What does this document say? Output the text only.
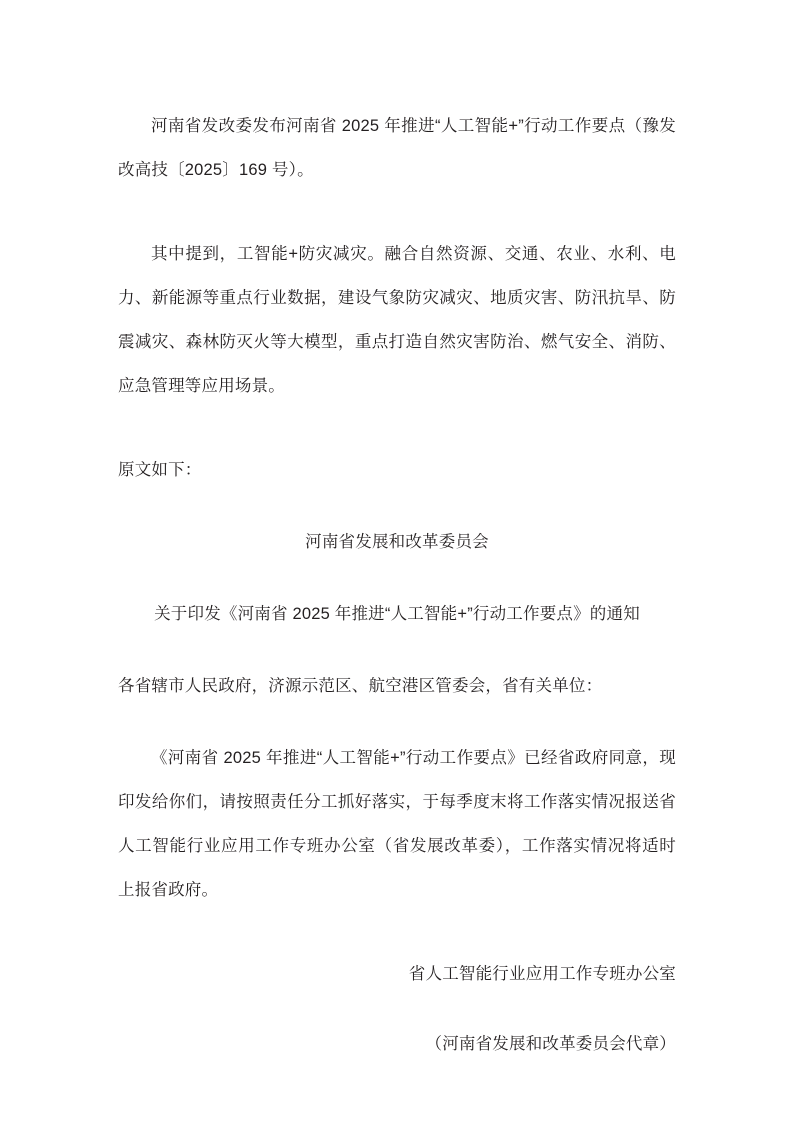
河南省发改委发布河南省 2025 年推进“人工智能+”行动工作要点（豫发改高技〔2025〕169 号）。

其中提到，工智能+防灾减灾。融合自然资源、交通、农业、水利、电力、新能源等重点行业数据，建设气象防灾减灾、地质灾害、防汛抗旱、防震减灾、森林防灭火等大模型，重点打造自然灾害防治、燃气安全、消防、应急管理等应用场景。

原文如下：

河南省发展和改革委员会
关于印发《河南省 2025 年推进“人工智能+”行动工作要点》的通知

各省辖市人民政府，济源示范区、航空港区管委会，省有关单位：

《河南省 2025 年推进“人工智能+”行动工作要点》已经省政府同意，现印发给你们，请按照责任分工抓好落实，于每季度末将工作落实情况报送省人工智能行业应用工作专班办公室（省发展改革委），工作落实情况将适时上报省政府。

省人工智能行业应用工作专班办公室

（河南省发展和改革委员会代章）
